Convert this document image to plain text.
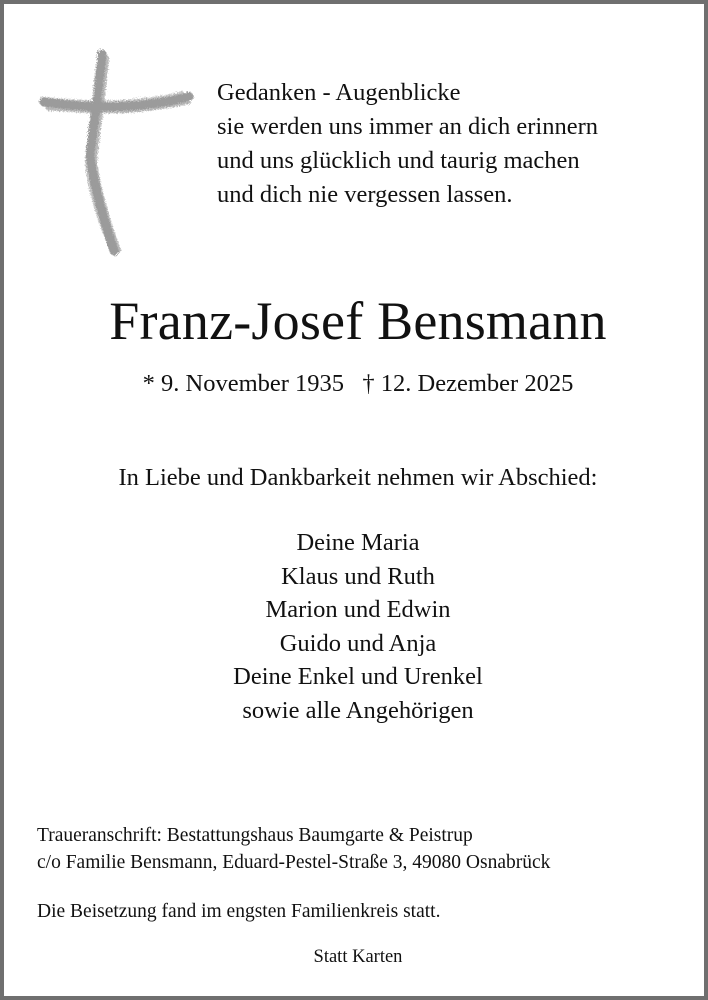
Gedanken - Augenblicke
sie werden uns immer an dich erinnern
und uns glücklich und taurig machen
und dich nie vergessen lassen.
Franz-Josef Bensmann
* 9. November 1935   † 12. Dezember 2025
In Liebe und Dankbarkeit nehmen wir Abschied:
Deine Maria
Klaus und Ruth
Marion und Edwin
Guido und Anja
Deine Enkel und Urenkel
sowie alle Angehörigen
Traueranschrift: Bestattungshaus Baumgarte & Peistrup
c/o Familie Bensmann, Eduard-Pestel-Straße 3, 49080 Osnabrück
Die Beisetzung fand im engsten Familienkreis statt.
Statt Karten
